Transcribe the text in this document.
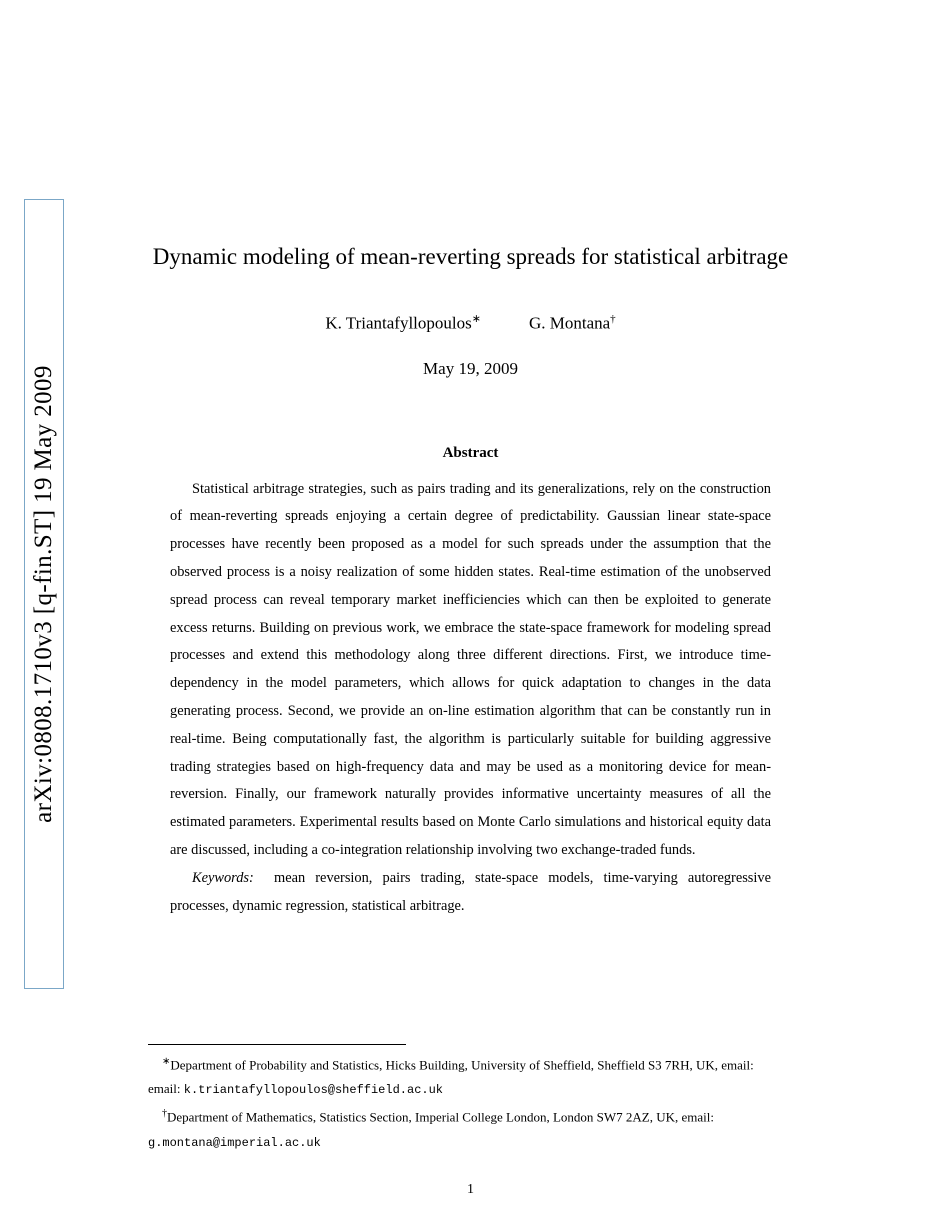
arXiv:0808.1710v3 [q-fin.ST] 19 May 2009
Dynamic modeling of mean-reverting spreads for statistical arbitrage
K. Triantafyllopoulos∗	G. Montana†
May 19, 2009
Abstract

Statistical arbitrage strategies, such as pairs trading and its generalizations, rely on the construction of mean-reverting spreads enjoying a certain degree of predictability. Gaussian linear state-space processes have recently been proposed as a model for such spreads under the assumption that the observed process is a noisy realization of some hidden states. Real-time estimation of the unobserved spread process can reveal temporary market inefficiencies which can then be exploited to generate excess returns. Building on previous work, we embrace the state-space framework for modeling spread processes and extend this methodology along three different directions. First, we introduce time-dependency in the model parameters, which allows for quick adaptation to changes in the data generating process. Second, we provide an on-line estimation algorithm that can be constantly run in real-time. Being computationally fast, the algorithm is particularly suitable for building aggressive trading strategies based on high-frequency data and may be used as a monitoring device for mean-reversion. Finally, our framework naturally provides informative uncertainty measures of all the estimated parameters. Experimental results based on Monte Carlo simulations and historical equity data are discussed, including a co-integration relationship involving two exchange-traded funds.

Keywords: mean reversion, pairs trading, state-space models, time-varying autoregressive processes, dynamic regression, statistical arbitrage.

∗Department of Probability and Statistics, Hicks Building, University of Sheffield, Sheffield S3 7RH, UK, email:

email: k.triantafyllopoulos@sheffield.ac.uk

†Department of Mathematics, Statistics Section, Imperial College London, London SW7 2AZ, UK, email:

g.montana@imperial.ac.uk

1
